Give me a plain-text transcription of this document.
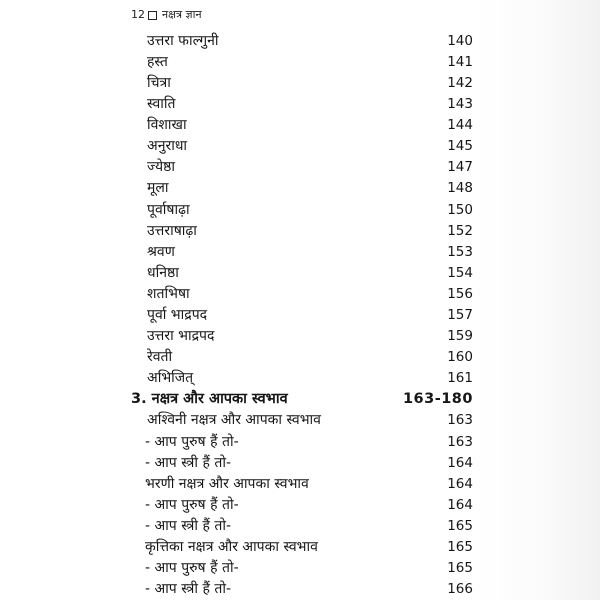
12 नक्षत्र ज्ञान
उत्तरा फाल्गुनी	140
हस्त	141
चित्रा	142
स्वाति	143
विशाखा	144
अनुराधा	145
ज्येष्ठा	147
मूला	148
पूर्वाषाढ़ा	150
उत्तराषाढ़ा	152
श्रवण	153
धनिष्ठा	154
शतभिषा	156
पूर्वा भाद्रपद	157
उत्तरा भाद्रपद	159
रेवती	160
अभिजित्	161
3. नक्षत्र और आपका स्वभाव	163-180
अश्विनी नक्षत्र और आपका स्वभाव	163
- आप पुरुष हैं तो-	163
- आप स्त्री हैं तो-	164
भरणी नक्षत्र और आपका स्वभाव	164
- आप पुरुष हैं तो-	164
- आप स्त्री हैं तो-	165
कृत्तिका नक्षत्र और आपका स्वभाव	165
- आप पुरुष हैं तो-	165
- आप स्त्री हैं तो-	166
